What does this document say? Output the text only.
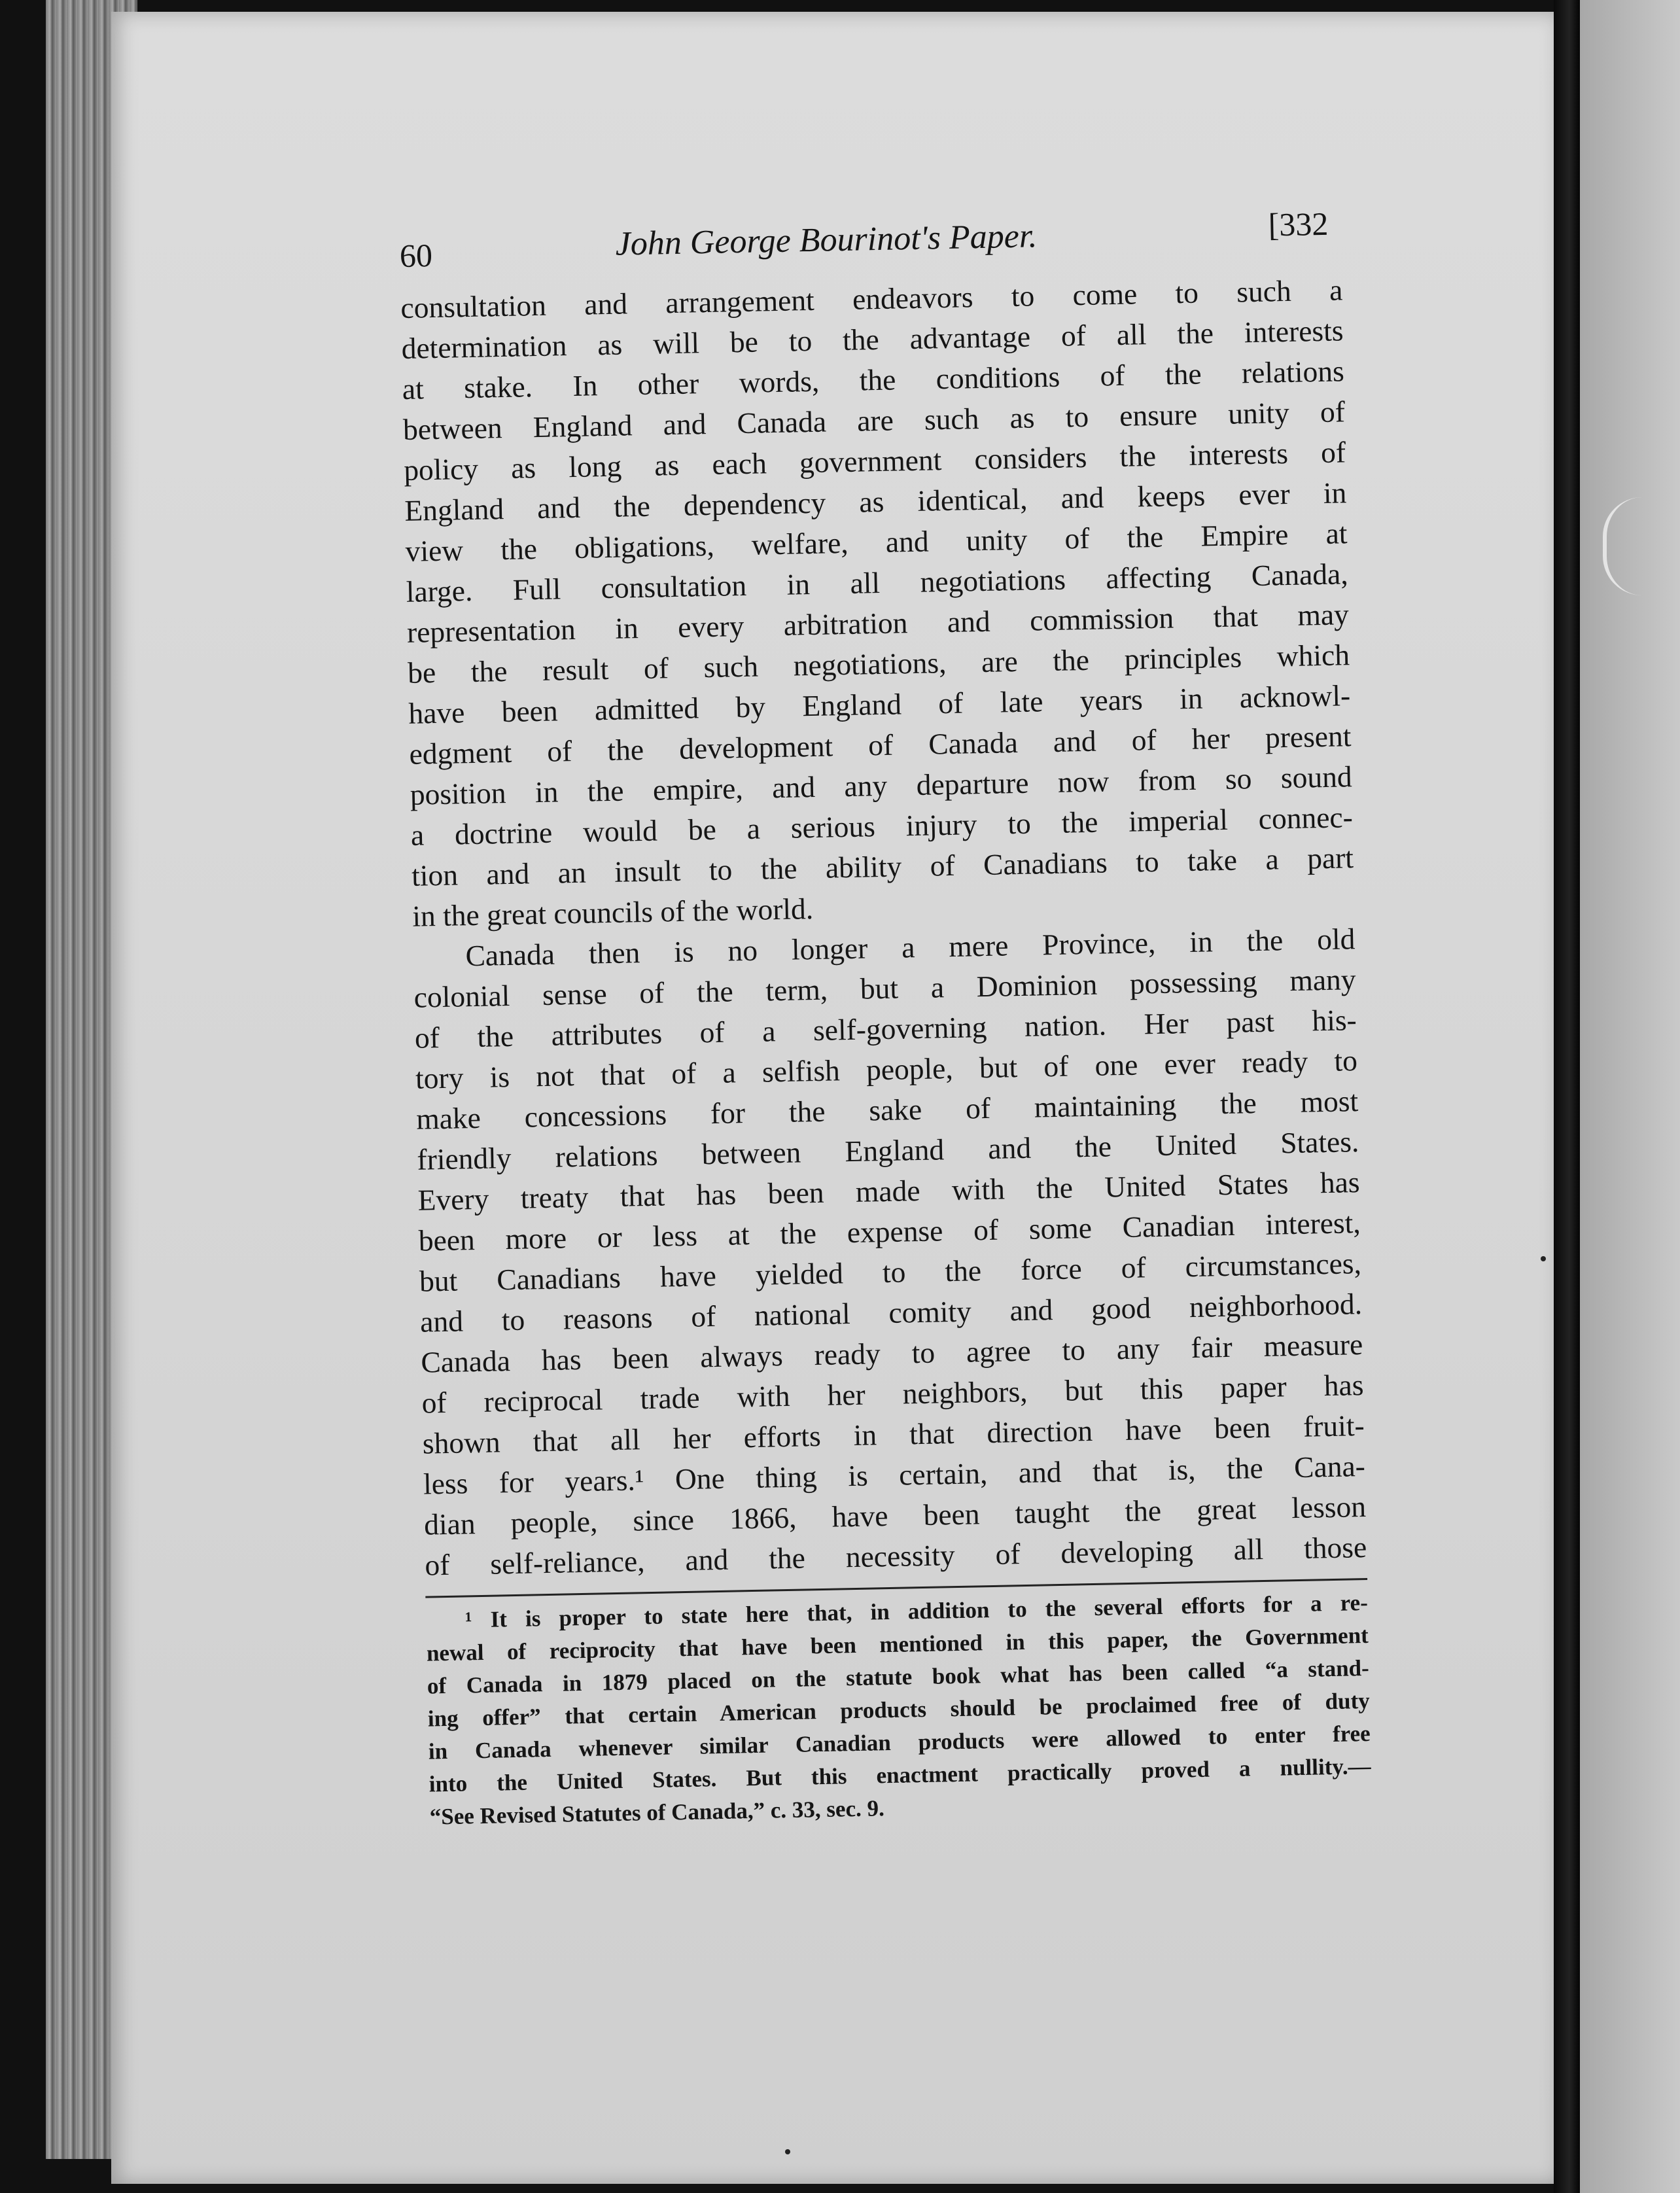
60	John George Bourinot's Paper.	[332
consultation and arrangement endeavors to come to such a
determination as will be to the advantage of all the interests
at stake. In other words, the conditions of the relations
between England and Canada are such as to ensure unity of
policy as long as each government considers the interests of
England and the dependency as identical, and keeps ever in
view the obligations, welfare, and unity of the Empire at
large. Full consultation in all negotiations affecting Canada,
representation in every arbitration and commission that may
be the result of such negotiations, are the principles which
have been admitted by England of late years in acknowl-
edgment of the development of Canada and of her present
position in the empire, and any departure now from so sound
a doctrine would be a serious injury to the imperial connec-
tion and an insult to the ability of Canadians to take a part
in the great councils of the world.
Canada then is no longer a mere Province, in the old
colonial sense of the term, but a Dominion possessing many
of the attributes of a self-governing nation. Her past his-
tory is not that of a selfish people, but of one ever ready to
make concessions for the sake of maintaining the most
friendly relations between England and the United States.
Every treaty that has been made with the United States has
been more or less at the expense of some Canadian interest,
but Canadians have yielded to the force of circumstances,
and to reasons of national comity and good neighborhood.
Canada has been always ready to agree to any fair measure
of reciprocal trade with her neighbors, but this paper has
shown that all her efforts in that direction have been fruit-
less for years.¹ One thing is certain, and that is, the Cana-
dian people, since 1866, have been taught the great lesson
of self-reliance, and the necessity of developing all those
¹ It is proper to state here that, in addition to the several efforts for a re-
newal of reciprocity that have been mentioned in this paper, the Government
of Canada in 1879 placed on the statute book what has been called “a stand-
ing offer” that certain American products should be proclaimed free of duty
in Canada whenever similar Canadian products were allowed to enter free
into the United States. But this enactment practically proved a nullity.—
“See Revised Statutes of Canada,” c. 33, sec. 9.
